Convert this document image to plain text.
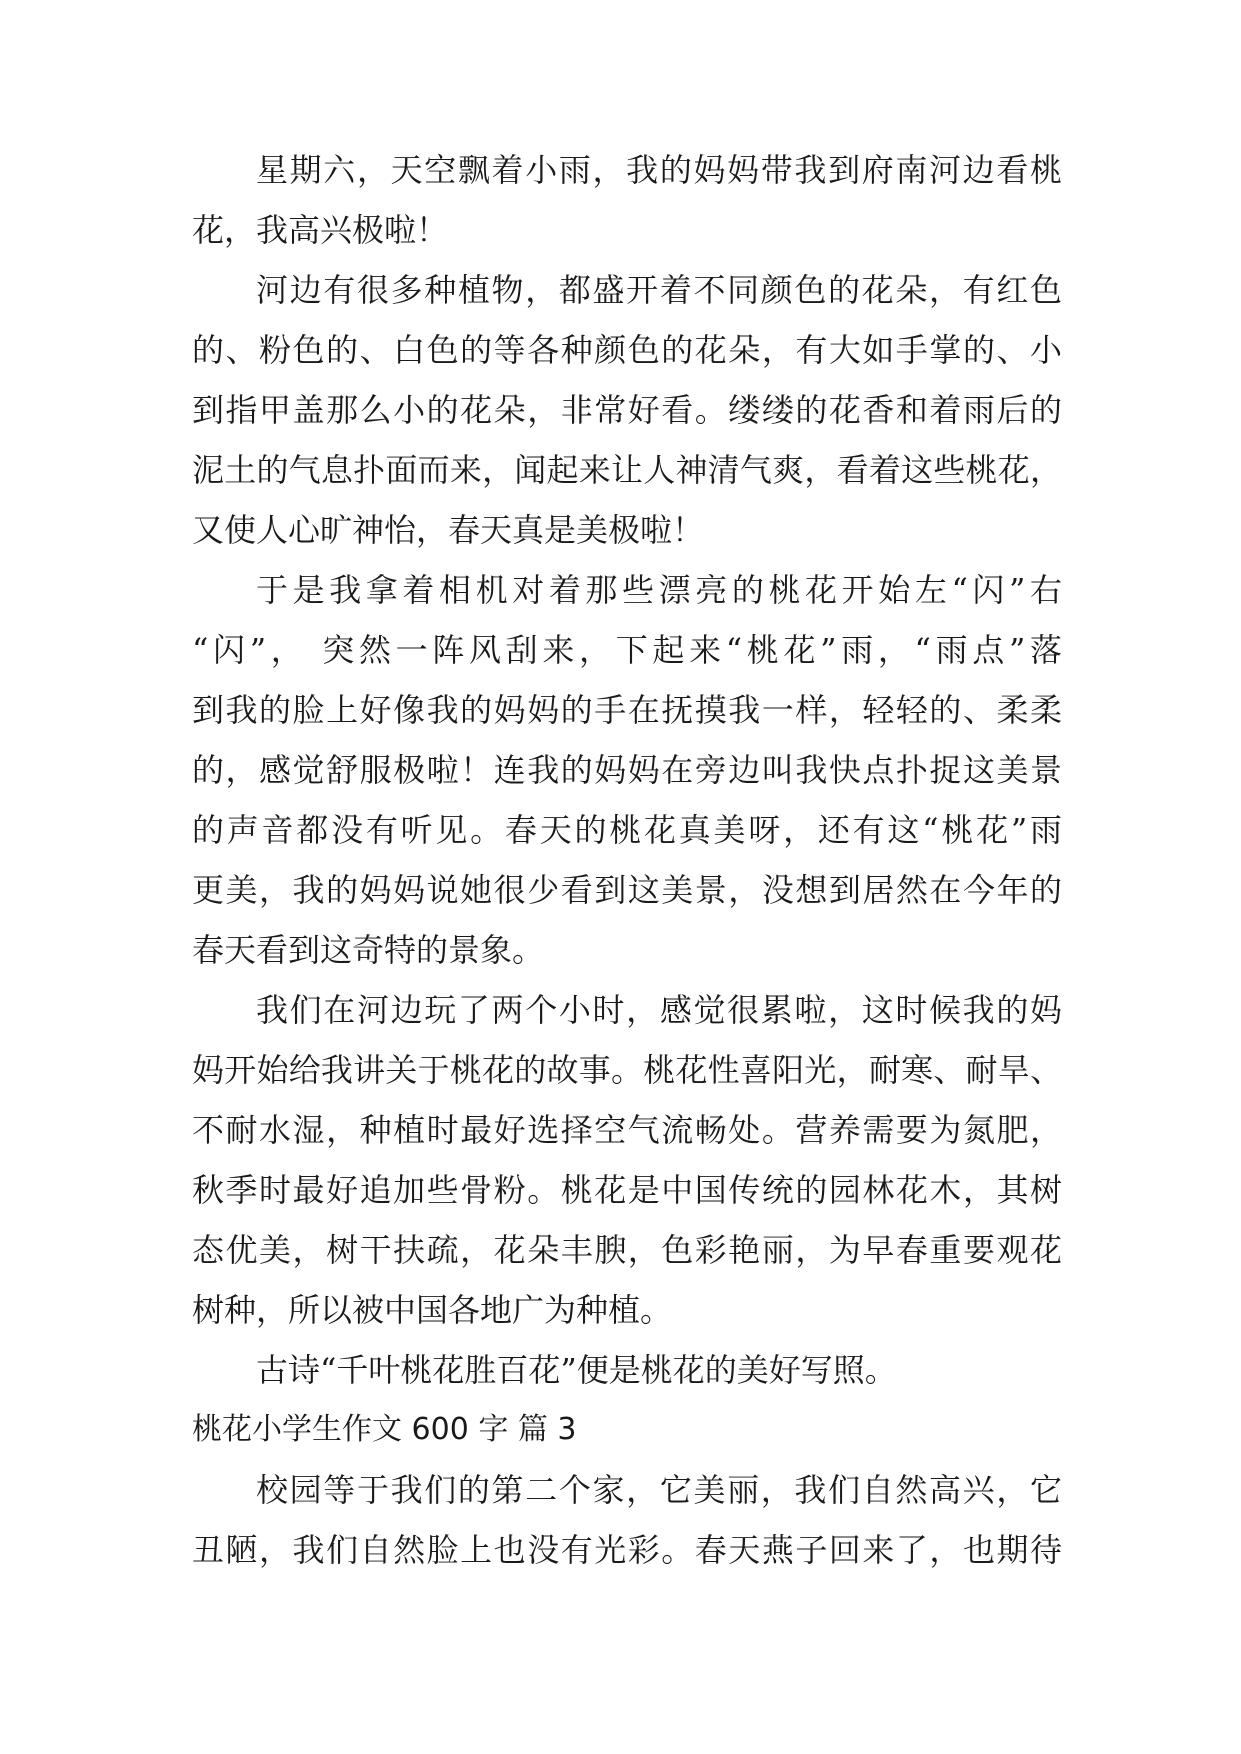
星期六，天空飘着小雨，我的妈妈带我到府南河边看桃
花，我高兴极啦！
河边有很多种植物，都盛开着不同颜色的花朵，有红色
的、粉色的、白色的等各种颜色的花朵，有大如手掌的、小
到指甲盖那么小的花朵，非常好看。缕缕的花香和着雨后的
泥土的气息扑面而来，闻起来让人神清气爽，看着这些桃花，
又使人心旷神怡，春天真是美极啦！
于是我拿着相机对着那些漂亮的桃花开始左“闪”右
“闪”， 突然一阵风刮来，下起来“桃花”雨，“雨点”落
到我的脸上好像我的妈妈的手在抚摸我一样，轻轻的、柔柔
的，感觉舒服极啦！连我的妈妈在旁边叫我快点扑捉这美景
的声音都没有听见。春天的桃花真美呀，还有这“桃花”雨
更美，我的妈妈说她很少看到这美景，没想到居然在今年的
春天看到这奇特的景象。
我们在河边玩了两个小时，感觉很累啦，这时候我的妈
妈开始给我讲关于桃花的故事。桃花性喜阳光，耐寒、耐旱、
不耐水湿，种植时最好选择空气流畅处。营养需要为氮肥，
秋季时最好追加些骨粉。桃花是中国传统的园林花木，其树
态优美，树干扶疏，花朵丰腴，色彩艳丽，为早春重要观花
树种，所以被中国各地广为种植。
古诗“千叶桃花胜百花”便是桃花的美好写照。
桃花小学生作文 600 字 篇 3
校园等于我们的第二个家，它美丽，我们自然高兴，它
丑陋，我们自然脸上也没有光彩。春天燕子回来了，也期待
